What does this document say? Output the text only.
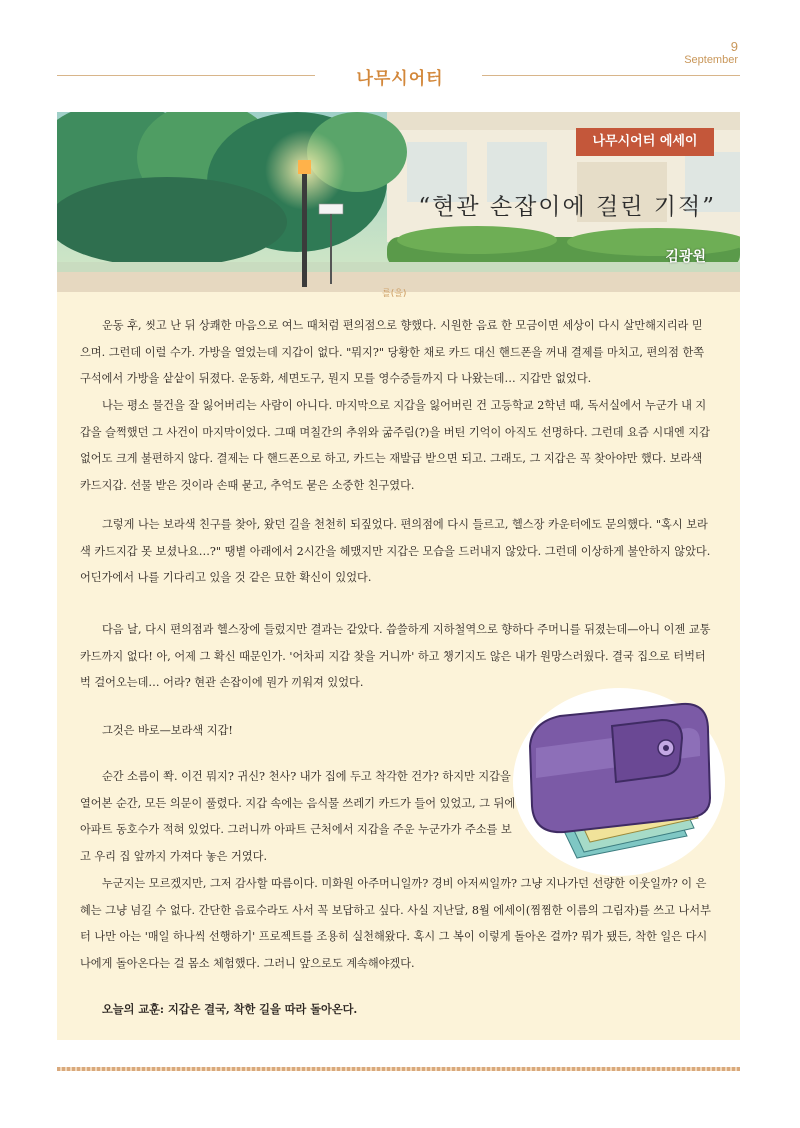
9
September
나무시어터
나무시어터 에세이
“현관 손잡이에 걸린 기적”
김광원
를(을)

운동 후, 씻고 난 뒤 상쾌한 마음으로 여느 때처럼 편의점으로 향했다. 시원한 음료 한 모금이면 세상이 다시 살만해지리라 믿으며. 그런데 이럴 수가. 가방을 열었는데 지갑이 없다. "뭐지?" 당황한 채로 카드 대신 핸드폰을 꺼내 결제를 마치고, 편의점 한쪽 구석에서 가방을 샅샅이 뒤졌다. 운동화, 세면도구, 뭔지 모를 영수증들까지 다 나왔는데… 지갑만 없었다.

나는 평소 물건을 잘 잃어버리는 사람이 아니다. 마지막으로 지갑을 잃어버린 건 고등학교 2학년 때, 독서실에서 누군가 내 지갑을 슬쩍했던 그 사건이 마지막이었다. 그때 며칠간의 추위와 굶주림(?)을 버틴 기억이 아직도 선명하다. 그런데 요즘 시대엔 지갑 없어도 크게 불편하지 않다. 결제는 다 핸드폰으로 하고, 카드는 재발급 받으면 되고. 그래도, 그 지갑은 꼭 찾아야만 했다. 보라색 카드지갑. 선물 받은 것이라 손때 묻고, 추억도 묻은 소중한 친구였다.

그렇게 나는 보라색 친구를 찾아, 왔던 길을 천천히 되짚었다. 편의점에 다시 들르고, 헬스장 카운터에도 문의했다. "혹시 보라색 카드지갑 못 보셨나요…?" 땡볕 아래에서 2시간을 헤맸지만 지갑은 모습을 드러내지 않았다. 그런데 이상하게 불안하지 않았다. 어딘가에서 나를 기다리고 있을 것 같은 묘한 확신이 있었다.

다음 날, 다시 편의점과 헬스장에 들렀지만 결과는 같았다. 씁쓸하게 지하철역으로 향하다 주머니를 뒤졌는데—아니 이젠 교통카드까지 없다! 아, 어제 그 확신 때문인가. '어차피 지갑 찾을 거니까' 하고 챙기지도 않은 내가 원망스러웠다. 결국 집으로 터벅터벅 걸어오는데… 어라? 현관 손잡이에 뭔가 끼워져 있었다.

그것은 바로—보라색 지갑!

순간 소름이 쫙. 이건 뭐지? 귀신? 천사? 내가 집에 두고 착각한 건가? 하지만 지갑을 열어본 순간, 모든 의문이 풀렸다. 지갑 속에는 음식물 쓰레기 카드가 들어 있었고, 그 뒤에 아파트 동호수가 적혀 있었다. 그러니까 아파트 근처에서 지갑을 주운 누군가가 주소를 보고 우리 집 앞까지 가져다 놓은 거였다.

누군지는 모르겠지만, 그저 감사할 따름이다. 미화원 아주머니일까? 경비 아저씨일까? 그냥 지나가던 선량한 이웃일까? 이 은혜는 그냥 넘길 수 없다. 간단한 음료수라도 사서 꼭 보답하고 싶다. 사실 지난달, 8월 에세이(찜찜한 이름의 그림자)를 쓰고 나서부터 나만 아는 '매일 하나씩 선행하기' 프로젝트를 조용히 실천해왔다. 혹시 그 복이 이렇게 돌아온 걸까? 뭐가 됐든, 착한 일은 다시 나에게 돌아온다는 걸 몸소 체험했다. 그러니 앞으로도 계속해야겠다.

오늘의 교훈: 지갑은 결국, 착한 길을 따라 돌아온다.
